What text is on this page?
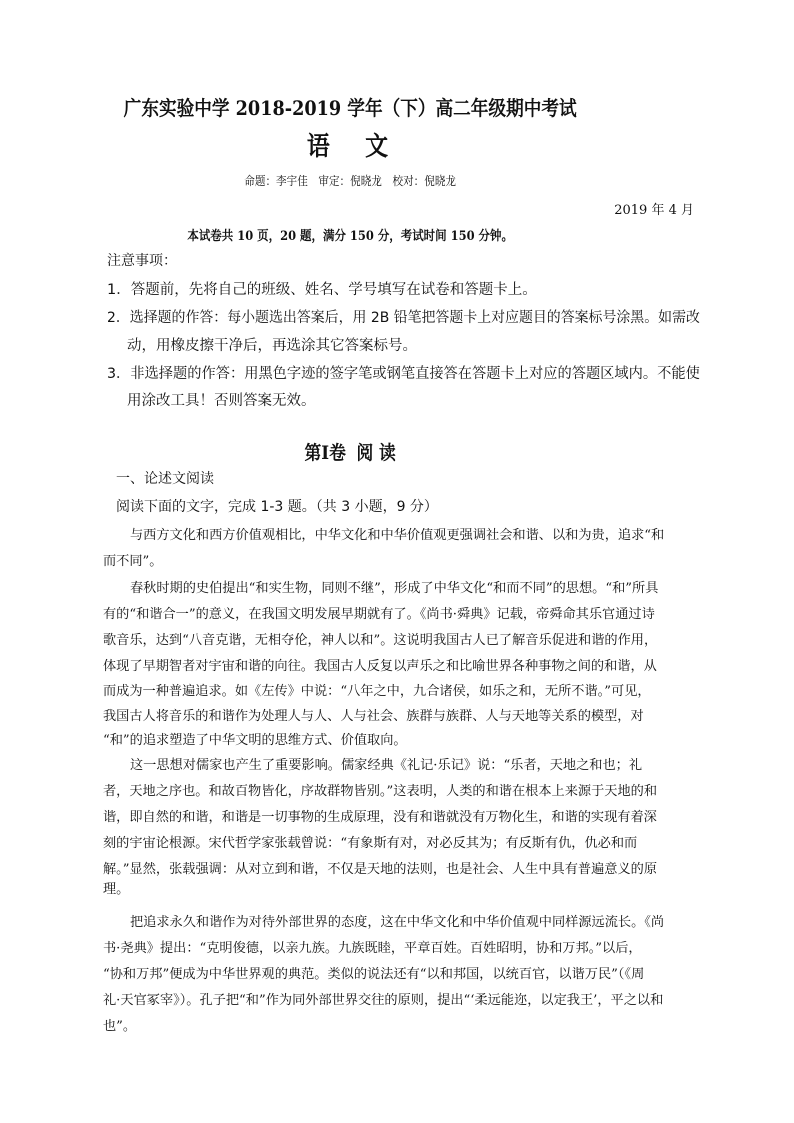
广东实验中学 2018-2019 学年（下）高二年级期中考试
语 文
命题：李宇佳 审定：倪晓龙 校对：倪晓龙
2019 年 4 月
本试卷共 10 页，20 题，满分 150 分，考试时间 150 分钟。
注意事项：
1．答题前，先将自己的班级、姓名、学号填写在试卷和答题卡上。
2．选择题的作答：每小题选出答案后，用 2B 铅笔把答题卡上对应题目的答案标号涂黑。如需改
动，用橡皮擦干净后，再选涂其它答案标号。
3．非选择题的作答：用黑色字迹的签字笔或钢笔直接答在答题卡上对应的答题区域内。不能使
用涂改工具！否则答案无效。
第Ⅰ卷 阅 读
一、论述文阅读
阅读下面的文字，完成 1-3 题。（共 3 小题，9 分）
与西方文化和西方价值观相比，中华文化和中华价值观更强调社会和谐、以和为贵，追求“和
而不同”。
春秋时期的史伯提出“和实生物，同则不继”，形成了中华文化“和而不同”的思想。“和”所具
有的“和谐合一”的意义，在我国文明发展早期就有了。《尚书·舜典》记载，帝舜命其乐官通过诗
歌音乐，达到“八音克谐，无相夺伦，神人以和”。这说明我国古人已了解音乐促进和谐的作用，
体现了早期智者对宇宙和谐的向往。我国古人反复以声乐之和比喻世界各种事物之间的和谐，从
而成为一种普遍追求。如《左传》中说：“八年之中，九合诸侯，如乐之和，无所不谐。”可见，
我国古人将音乐的和谐作为处理人与人、人与社会、族群与族群、人与天地等关系的模型，对
“和”的追求塑造了中华文明的思维方式、价值取向。
这一思想对儒家也产生了重要影响。儒家经典《礼记·乐记》说：“乐者，天地之和也；礼
者，天地之序也。和故百物皆化，序故群物皆别。”这表明，人类的和谐在根本上来源于天地的和
谐，即自然的和谐，和谐是一切事物的生成原理，没有和谐就没有万物化生，和谐的实现有着深
刻的宇宙论根源。宋代哲学家张载曾说：“有象斯有对，对必反其为；有反斯有仇，仇必和而
解。”显然，张载强调：从对立到和谐，不仅是天地的法则，也是社会、人生中具有普遍意义的原
理。
把追求永久和谐作为对待外部世界的态度，这在中华文化和中华价值观中同样源远流长。《尚
书·尧典》提出：“克明俊德，以亲九族。九族既睦，平章百姓。百姓昭明，协和万邦。”以后，
“协和万邦”便成为中华世界观的典范。类似的说法还有“以和邦国，以统百官，以谐万民”（《周
礼·天官冢宰》）。孔子把“和”作为同外部世界交往的原则，提出“‘柔远能迩，以定我王’，平之以和
也”。
